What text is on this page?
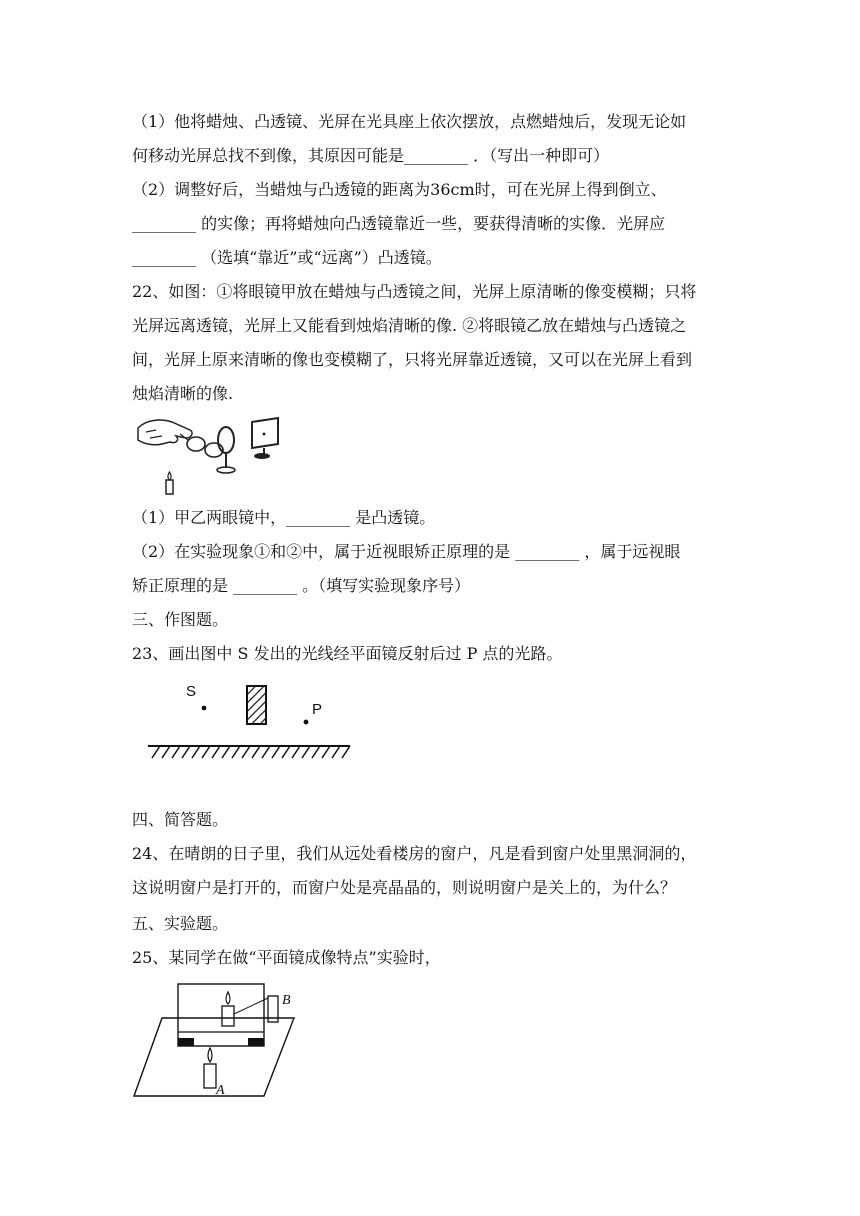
（1）他将蜡烛、凸透镜、光屏在光具座上依次摆放，点燃蜡烛后，发现无论如
何移动光屏总找不到像，其原因可能是________ ．（写出一种即可）
（2）调整好后，当蜡烛与凸透镜的距离为36cm时，可在光屏上得到倒立、
________ 的实像；再将蜡烛向凸透镜靠近一些，要获得清晰的实像．光屏应
________ （选填“靠近”或“远离”）凸透镜。
22、如图：①将眼镜甲放在蜡烛与凸透镜之间，光屏上原清晰的像变模糊；只将
光屏远离透镜，光屏上又能看到烛焰清晰的像. ②将眼镜乙放在蜡烛与凸透镜之
间，光屏上原来清晰的像也变模糊了，只将光屏靠近透镜，又可以在光屏上看到
烛焰清晰的像.
（1）甲乙两眼镜中，________ 是凸透镜。
（2）在实验现象①和②中，属于近视眼矫正原理的是 ________ ，属于远视眼
矫正原理的是 ________ 。（填写实验现象序号）
三、作图题。
23、画出图中 S 发出的光线经平面镜反射后过 P 点的光路。
S
P
四、简答题。
24、在晴朗的日子里，我们从远处看楼房的窗户，凡是看到窗户处里黑洞洞的，
这说明窗户是打开的，而窗户处是亮晶晶的，则说明窗户是关上的，为什么？
五、实验题。
25、某同学在做“平面镜成像特点”实验时，
B
A
